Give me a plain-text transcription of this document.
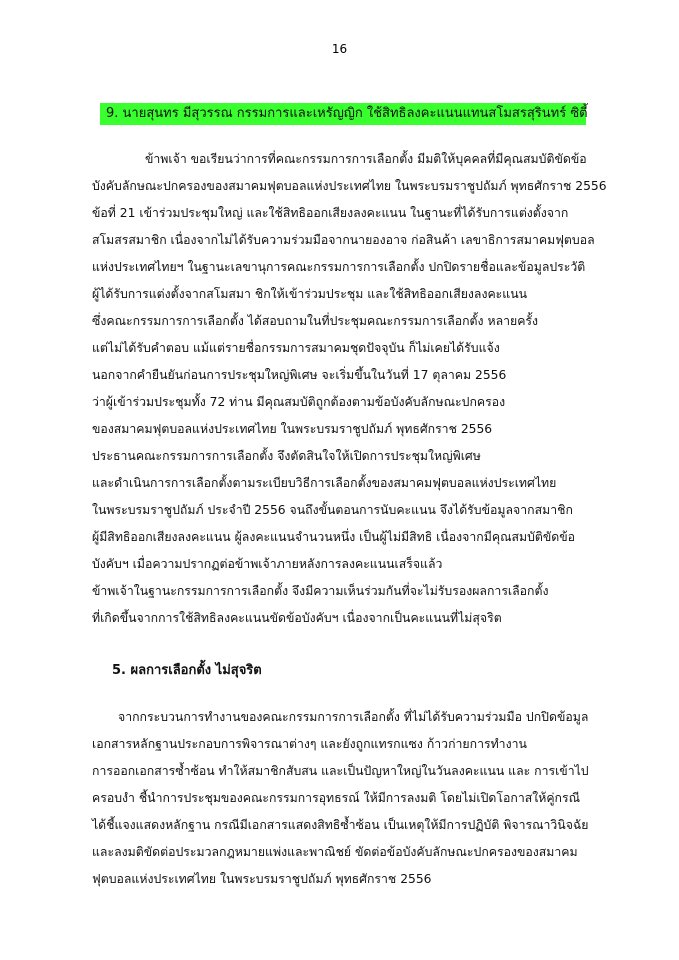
16
9. นายสุนทร มีสุวรรณ กรรมการและเหรัญญิก ใช้สิทธิลงคะแนนแทนสโมสรสุรินทร์ ซิตี้
ข้าพเจ้า ขอเรียนว่าการที่คณะกรรมการการเลือกตั้ง มีมติให้บุคคลที่มีคุณสมบัติขัดข้อ
บังคับลักษณะปกครองของสมาคมฟุตบอลแห่งประเทศไทย ในพระบรมราชูปถัมภ์ พุทธศักราช 2556
ข้อที่ 21 เข้าร่วมประชุมใหญ่ และใช้สิทธิออกเสียงลงคะแนน ในฐานะที่ได้รับการแต่งตั้งจาก
สโมสรสมาชิก เนื่องจากไม่ได้รับความร่วมมือจากนายองอาจ ก่อสินค้า เลขาธิการสมาคมฟุตบอล
แห่งประเทศไทยฯ ในฐานะเลขานุการคณะกรรมการการเลือกตั้ง ปกปิดรายชื่อและข้อมูลประวัติ
ผู้ได้รับการแต่งตั้งจากสโมสมา ชิกให้เข้าร่วมประชุม และใช้สิทธิออกเสียงลงคะแนน
ซึ่งคณะกรรมการการเลือกตั้ง ได้สอบถามในที่ประชุมคณะกรรมการเลือกตั้ง หลายครั้ง
แต่ไม่ได้รับคำตอบ แม้แต่รายชื่อกรรมการสมาคมชุดปัจจุบัน ก็ไม่เคยได้รับแจ้ง
นอกจากคำยืนยันก่อนการประชุมใหญ่พิเศษ จะเริ่มขึ้นในวันที่ 17 ตุลาคม 2556
ว่าผู้เข้าร่วมประชุมทั้ง 72 ท่าน มีคุณสมบัติถูกต้องตามข้อบังคับลักษณะปกครอง
ของสมาคมฟุตบอลแห่งประเทศไทย ในพระบรมราชูปถัมภ์ พุทธศักราช 2556
ประธานคณะกรรมการการเลือกตั้ง จึงตัดสินใจให้เปิดการประชุมใหญ่พิเศษ
และดำเนินการการเลือกตั้งตามระเบียบวิธีการเลือกตั้งของสมาคมฟุตบอลแห่งประเทศไทย
ในพระบรมราชูปถัมภ์ ประจำปี 2556 จนถึงขั้นตอนการนับคะแนน จึงได้รับข้อมูลจากสมาชิก
ผู้มีสิทธิออกเสียงลงคะแนน ผู้ลงคะแนนจำนวนหนึ่ง เป็นผู้ไม่มีสิทธิ เนื่องจากมีคุณสมบัติขัดข้อ
บังคับฯ เมื่อความปรากฏต่อข้าพเจ้าภายหลังการลงคะแนนเสร็จแล้ว
ข้าพเจ้าในฐานะกรรมการการเลือกตั้ง จึงมีความเห็นร่วมกันที่จะไม่รับรองผลการเลือกตั้ง
ที่เกิดขึ้นจากการใช้สิทธิลงคะแนนขัดข้อบังคับฯ เนื่องจากเป็นคะแนนที่ไม่สุจริต
5. ผลการเลือกตั้ง ไม่สุจริต
จากกระบวนการทำงานของคณะกรรมการการเลือกตั้ง ที่ไม่ได้รับความร่วมมือ ปกปิดข้อมูล
เอกสารหลักฐานประกอบการพิจารณาต่างๆ และยังถูกแทรกแซง ก้าวก่ายการทำงาน
การออกเอกสารซ้ำซ้อน ทำให้สมาชิกสับสน และเป็นปัญหาใหญ่ในวันลงคะแนน และ การเข้าไป
ครอบงำ ชี้นำการประชุมของคณะกรรมการอุทธรณ์ ให้มีการลงมติ โดยไม่เปิดโอกาสให้คู่กรณี
ได้ชี้แจงแสดงหลักฐาน กรณีมีเอกสารแสดงสิทธิซ้ำซ้อน เป็นเหตุให้มีการปฏิบัติ พิจารณาวินิจฉัย
และลงมติขัดต่อประมวลกฎหมายแพ่งและพาณิชย์ ขัดต่อข้อบังคับลักษณะปกครองของสมาคม
ฟุตบอลแห่งประเทศไทย ในพระบรมราชูปถัมภ์ พุทธศักราช 2556
